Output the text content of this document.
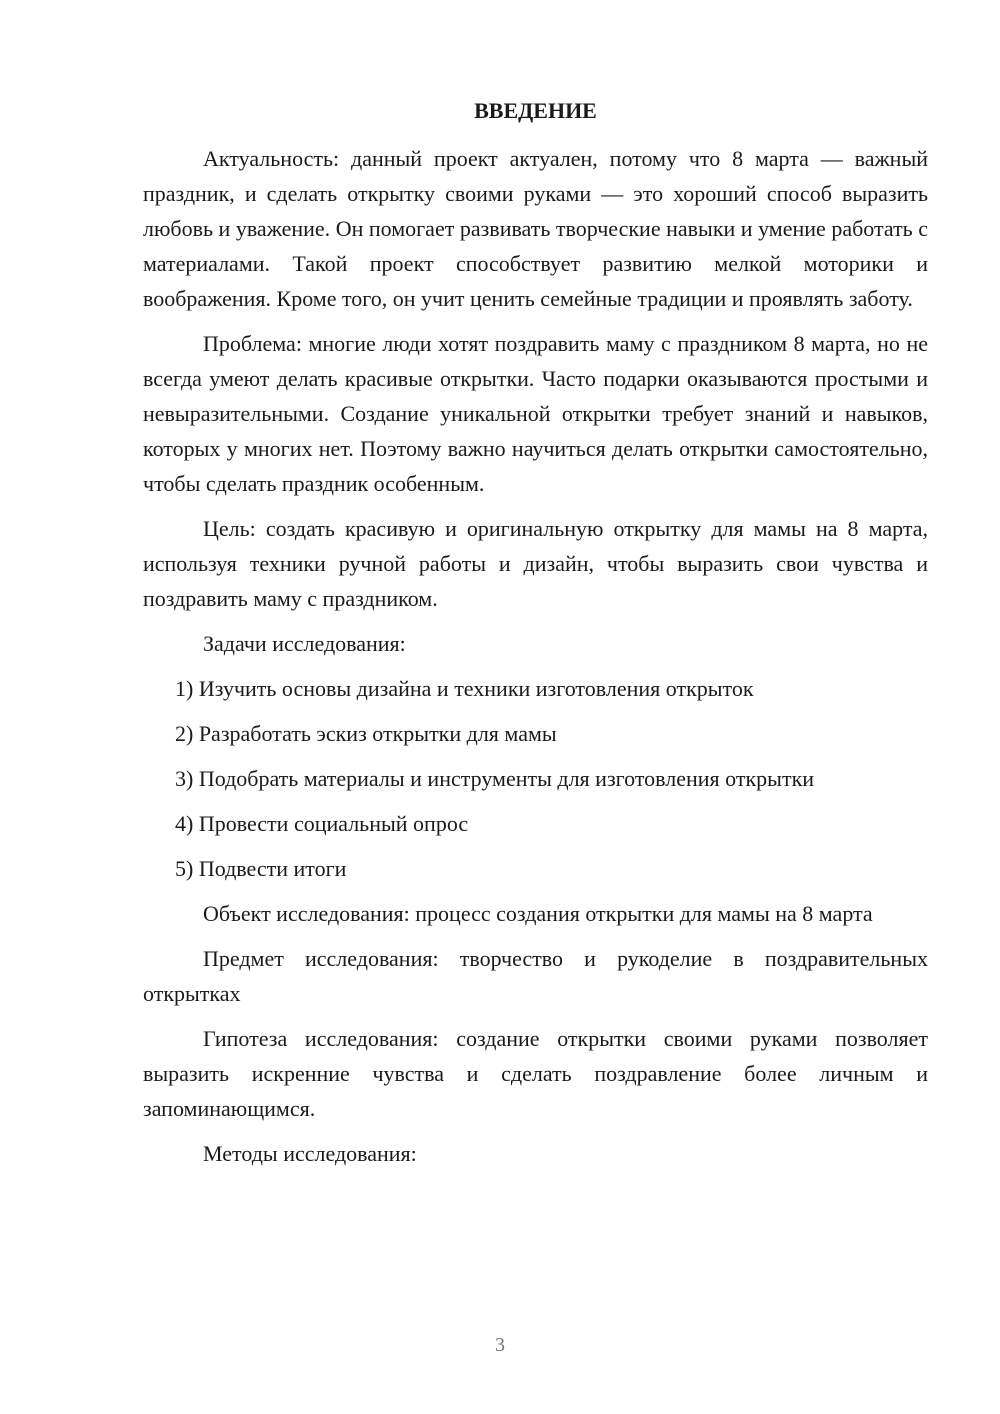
ВВЕДЕНИЕ

Актуальность: данный проект актуален, потому что 8 марта — важный праздник, и сделать открытку своими руками — это хороший способ выразить любовь и уважение. Он помогает развивать творческие навыки и умение работать с материалами. Такой проект способствует развитию мелкой моторики и воображения. Кроме того, он учит ценить семейные традиции и проявлять заботу.

Проблема: многие люди хотят поздравить маму с праздником 8 марта, но не всегда умеют делать красивые открытки. Часто подарки оказываются простыми и невыразительными. Создание уникальной открытки требует знаний и навыков, которых у многих нет. Поэтому важно научиться делать открытки самостоятельно, чтобы сделать праздник особенным.

Цель: создать красивую и оригинальную открытку для мамы на 8 марта, используя техники ручной работы и дизайн, чтобы выразить свои чувства и поздравить маму с праздником.

Задачи исследования:

1) Изучить основы дизайна и техники изготовления открыток
2) Разработать эскиз открытки для мамы
3) Подобрать материалы и инструменты для изготовления открытки
4) Провести социальный опрос
5) Подвести итоги

Объект исследования: процесс создания открытки для мамы на 8 марта

Предмет исследования: творчество и рукоделие в поздравительных открытках

Гипотеза исследования: создание открытки своими руками позволяет выразить искренние чувства и сделать поздравление более личным и запоминающимся.

Методы исследования:

3
